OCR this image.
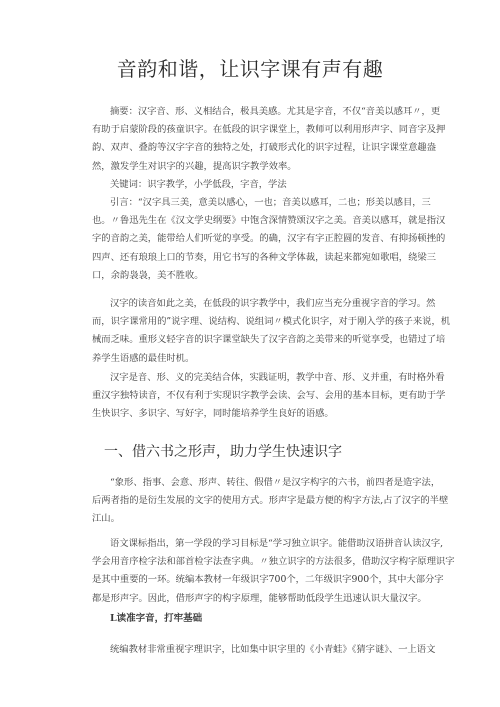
音韵和谐，让识字课有声有趣

摘要：汉字音、形、义相结合，极具美感。尤其是字音，不仅“音美以感耳〃，更
有助于启蒙阶段的孩童识字。在低段的识字课堂上，教师可以利用形声字、同音字及押
韵、双声、叠韵等汉字字音的独特之处，打破形式化的识字过程，让识字课堂意趣盎
然，激发学生对识字的兴趣，提高识字教学效率。
关键词：识字教学，小学低段，字音，学法

引言：“汉字具三美，意美以感心，一也；音美以感耳，二也；形美以感目，三
也。〃鲁迅先生在《汉文学史纲要》中饱含深情赞颂汉字之美。音美以感耳，就是指汉
字的音韵之美，能带给人们听觉的享受。的确，汉字有字正腔圆的发音、有抑扬顿挫的
四声、还有琅琅上口的节奏，用它书写的各种文学体裁，读起来都宛如歌唱，绕梁三
口，余韵袅袅，美不胜收。

汉字的读音如此之美，在低段的识字教学中，我们应当充分重视字音的学习。然
而，识字课常用的”说字理、说结构、说组词〃模式化识字，对于刚入学的孩子来说，机
械而乏味。重形义轻字音的识字课堂缺失了汉字音韵之美带来的听觉享受，也错过了培
养学生语感的最佳时机。

汉字是音、形、义的完美结合体，实践证明，教学中音、形、义并重，有时格外看
重汉字独特读音，不仅有利于实现识字教学会读、会写、会用的基本目标，更有助于学
生快识字、多识字、写好字，同时能培养学生良好的语感。

一、借六书之形声，助力学生快速识字

“象形、指事、会意、形声、转往、假借〃是汉字构字的六书，前四者是造字法，
后两者指的是衍生发展的文字的使用方式。形声字是最方便的构字方法,占了汉字的半壁
江山。

语文课标指出，第一学段的学习目标是“学习独立识字。能借助汉语拼音认读汉字,
学会用音序检字法和部首检字法查字典。〃独立识字的方法很多，借助汉字构字原理识字
是其中重要的一环。统编本教材一年级识字700个，二年级识字900个，其中大部分字
都是形声字。因此，借形声字的构字原理，能够帮助低段学生迅速认识大量汉字。

L读准字音，打牢基础

统编教材非常重视字理识字，比如集中识字里的《小青蛙》《猜字谜》、一上语文
